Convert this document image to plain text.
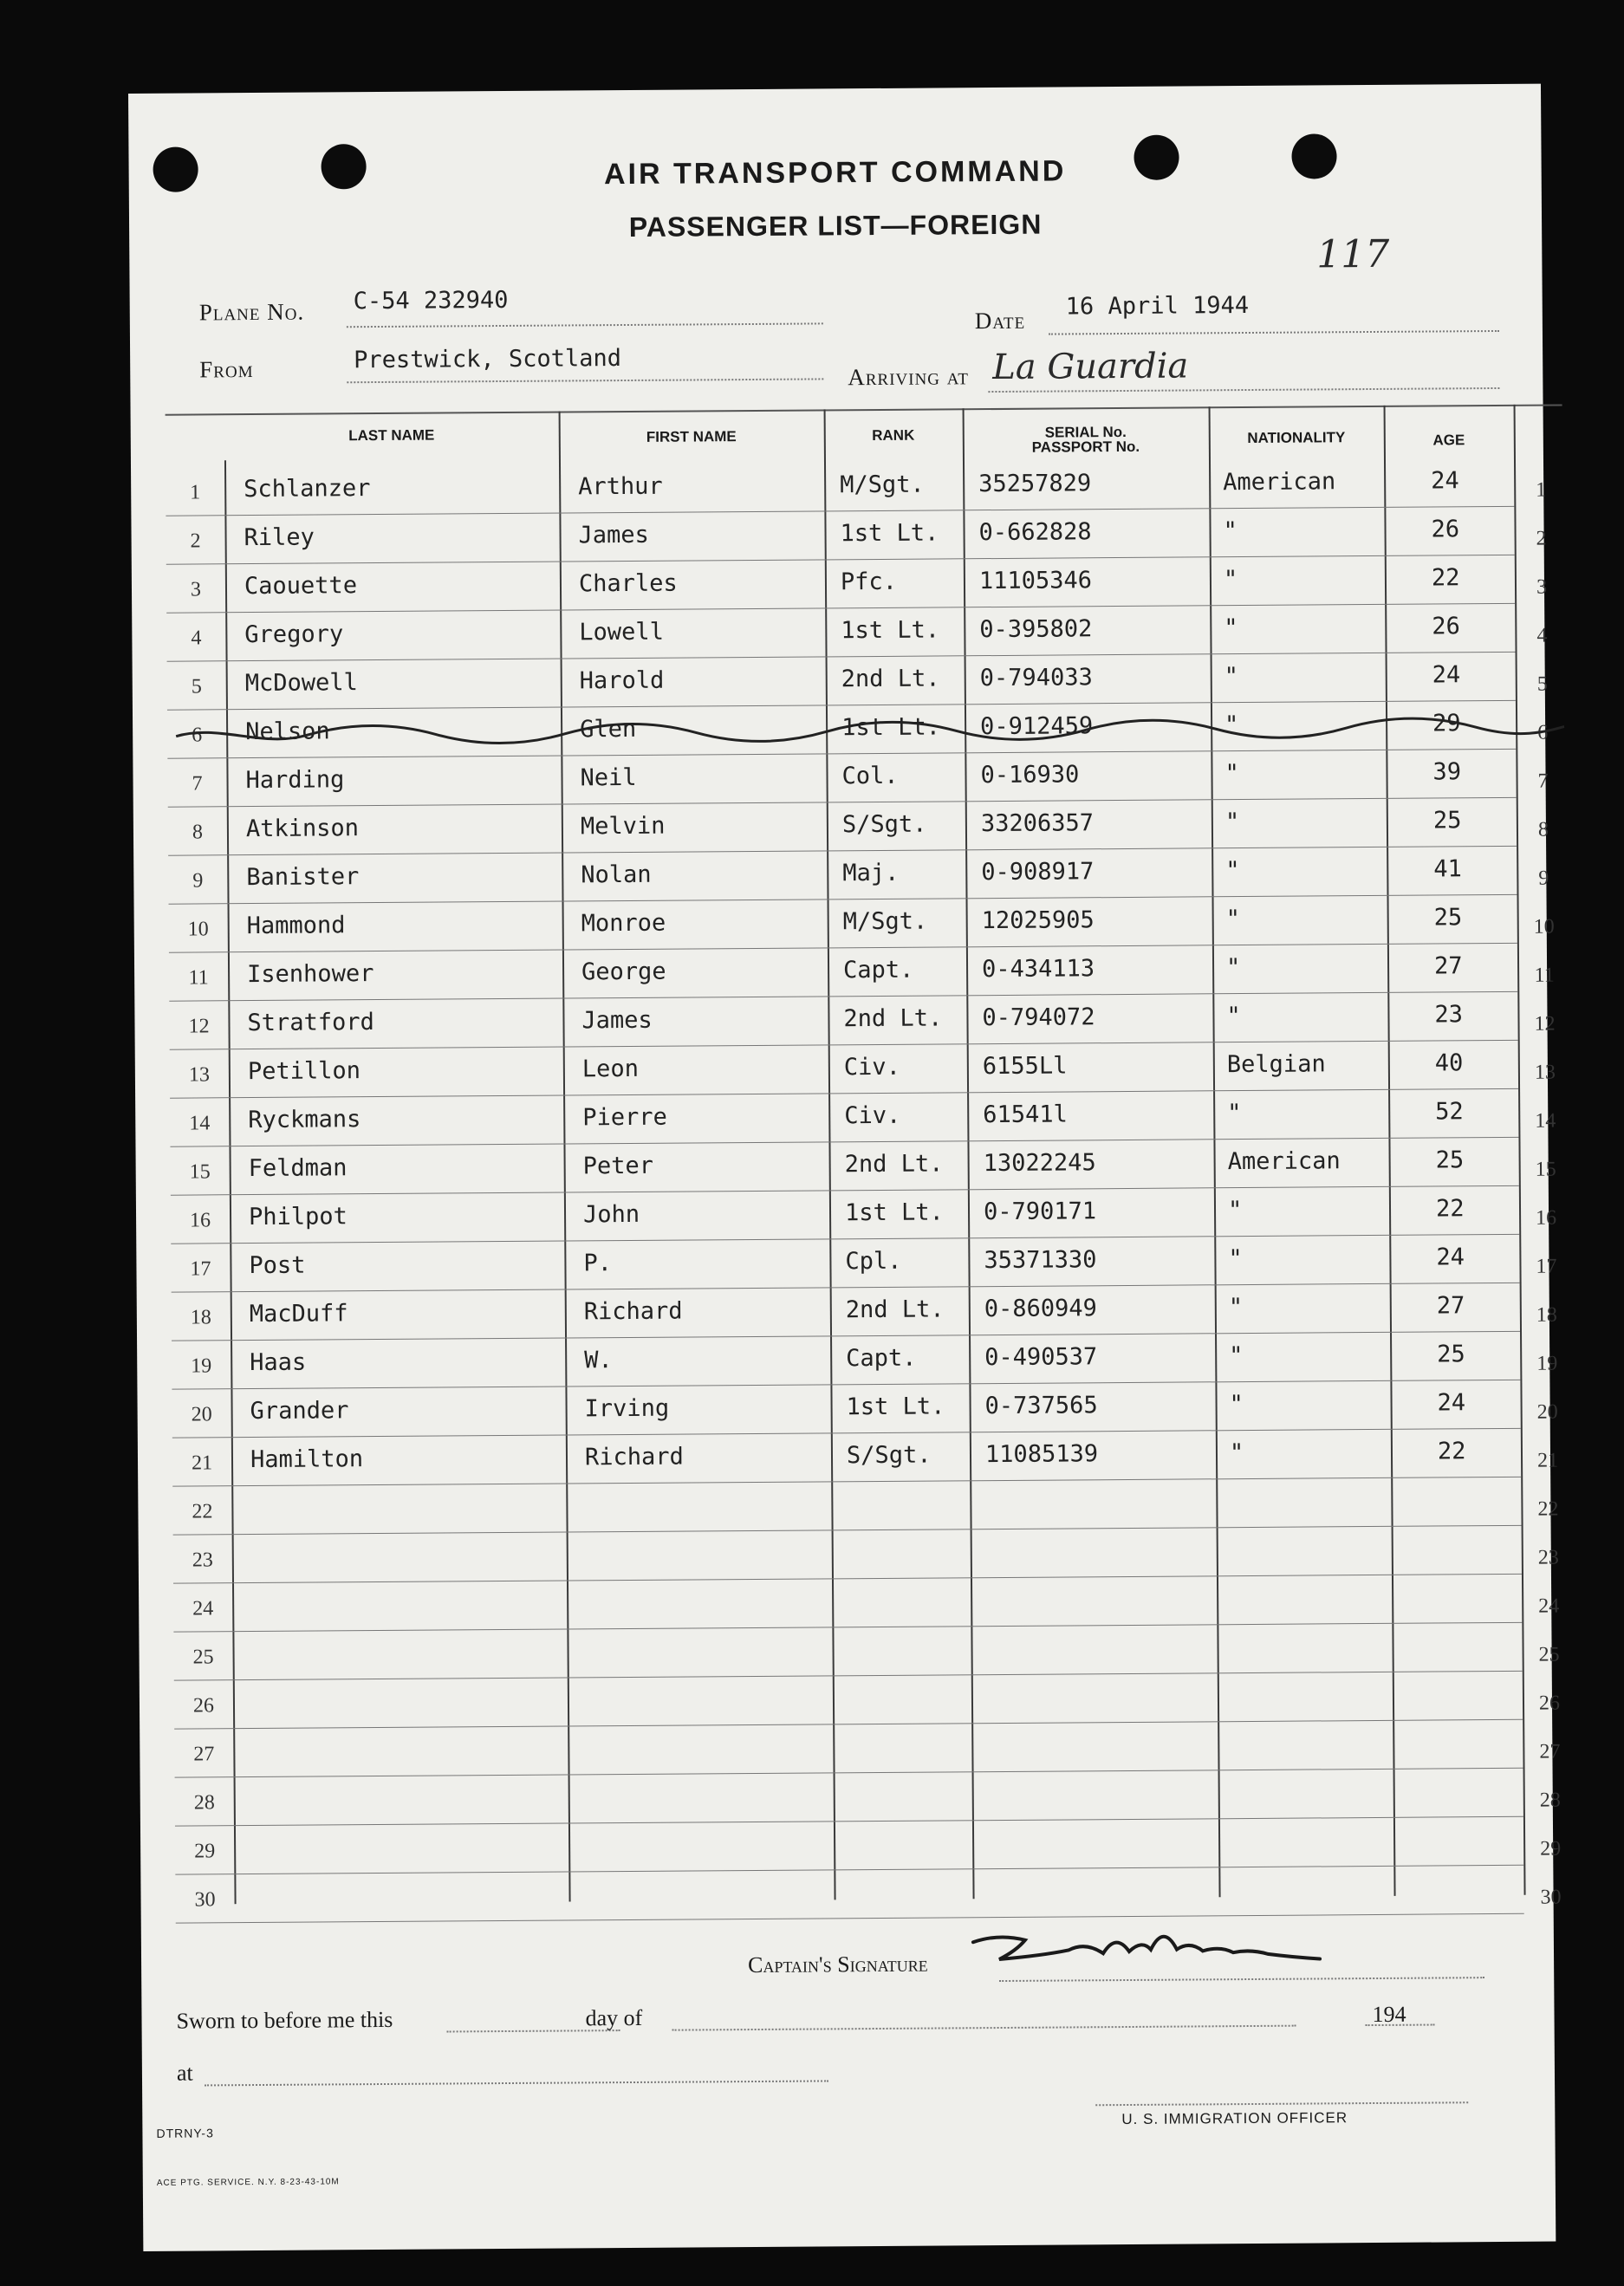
AIR TRANSPORT COMMAND
PASSENGER LIST—FOREIGN
117
Plane No. C-54 232940
Date
16 April 1944
From	Prestwick, Scotland
Arriving at La Guardia
LAST NAME	FIRST NAME	RANK	SERIAL No.
PASSPORT No.
NATIONALITY	AGE
1	Schlanzer	Arthur	M/Sgt. 35257829	American	24	1
2	Riley	James	1st Lt. 0-662828	"	26	2
3	Caouette	Charles	Pfc.	11105346	"	22	3
4	Gregory	Lowell	1st Lt. 0-395802	"	26	4
5	McDowell	Harold	2nd Lt. 0-794033	"	24	5
6	Nelson	Glen	1st Lt. 0-912459	"	29	6
7	Harding	Neil	Col.	0-16930	"	39	7
8	Atkinson	Melvin	S/Sgt. 33206357	"	25	8
9	Banister	Nolan	Maj.	0-908917	"	41	9
10 Hammond	Monroe	M/Sgt. 12025905	"	25	10
11	Isenhower	George	Capt.	0-434113	"	27	11
12 Stratford	James	2nd Lt. 0-794072	"	23	12
13 Petillon	Leon	Civ.	6155Ll	Belgian	40	13
14 Ryckmans	Pierre	Civ.	61541l	"	52	14
15 Feldman	Peter	2nd Lt. 13022245	American	25	15
16 Philpot	John	1st Lt. 0-790171	"	22	16
17 Post	P.	Cpl.	35371330	"	24	17
18 MacDuff	Richard	2nd Lt. 0-860949	"	27	18
19 Haas	W.	Capt.	0-490537	"	25	19
20 Grander	Irving	1st Lt. 0-737565	"	24	20
21 Hamilton	Richard	S/Sgt. 11085139	"	22	21
22	22
23	23
24	24
25	25
26	26
27	27
28	28
29	29
30	30
Captain's Signature
Sworn to before me this	day of	194
at
U. S. IMMIGRATION OFFICER
DTRNY-3
ACE PTG. SERVICE. N.Y. 8-23-43-10M
